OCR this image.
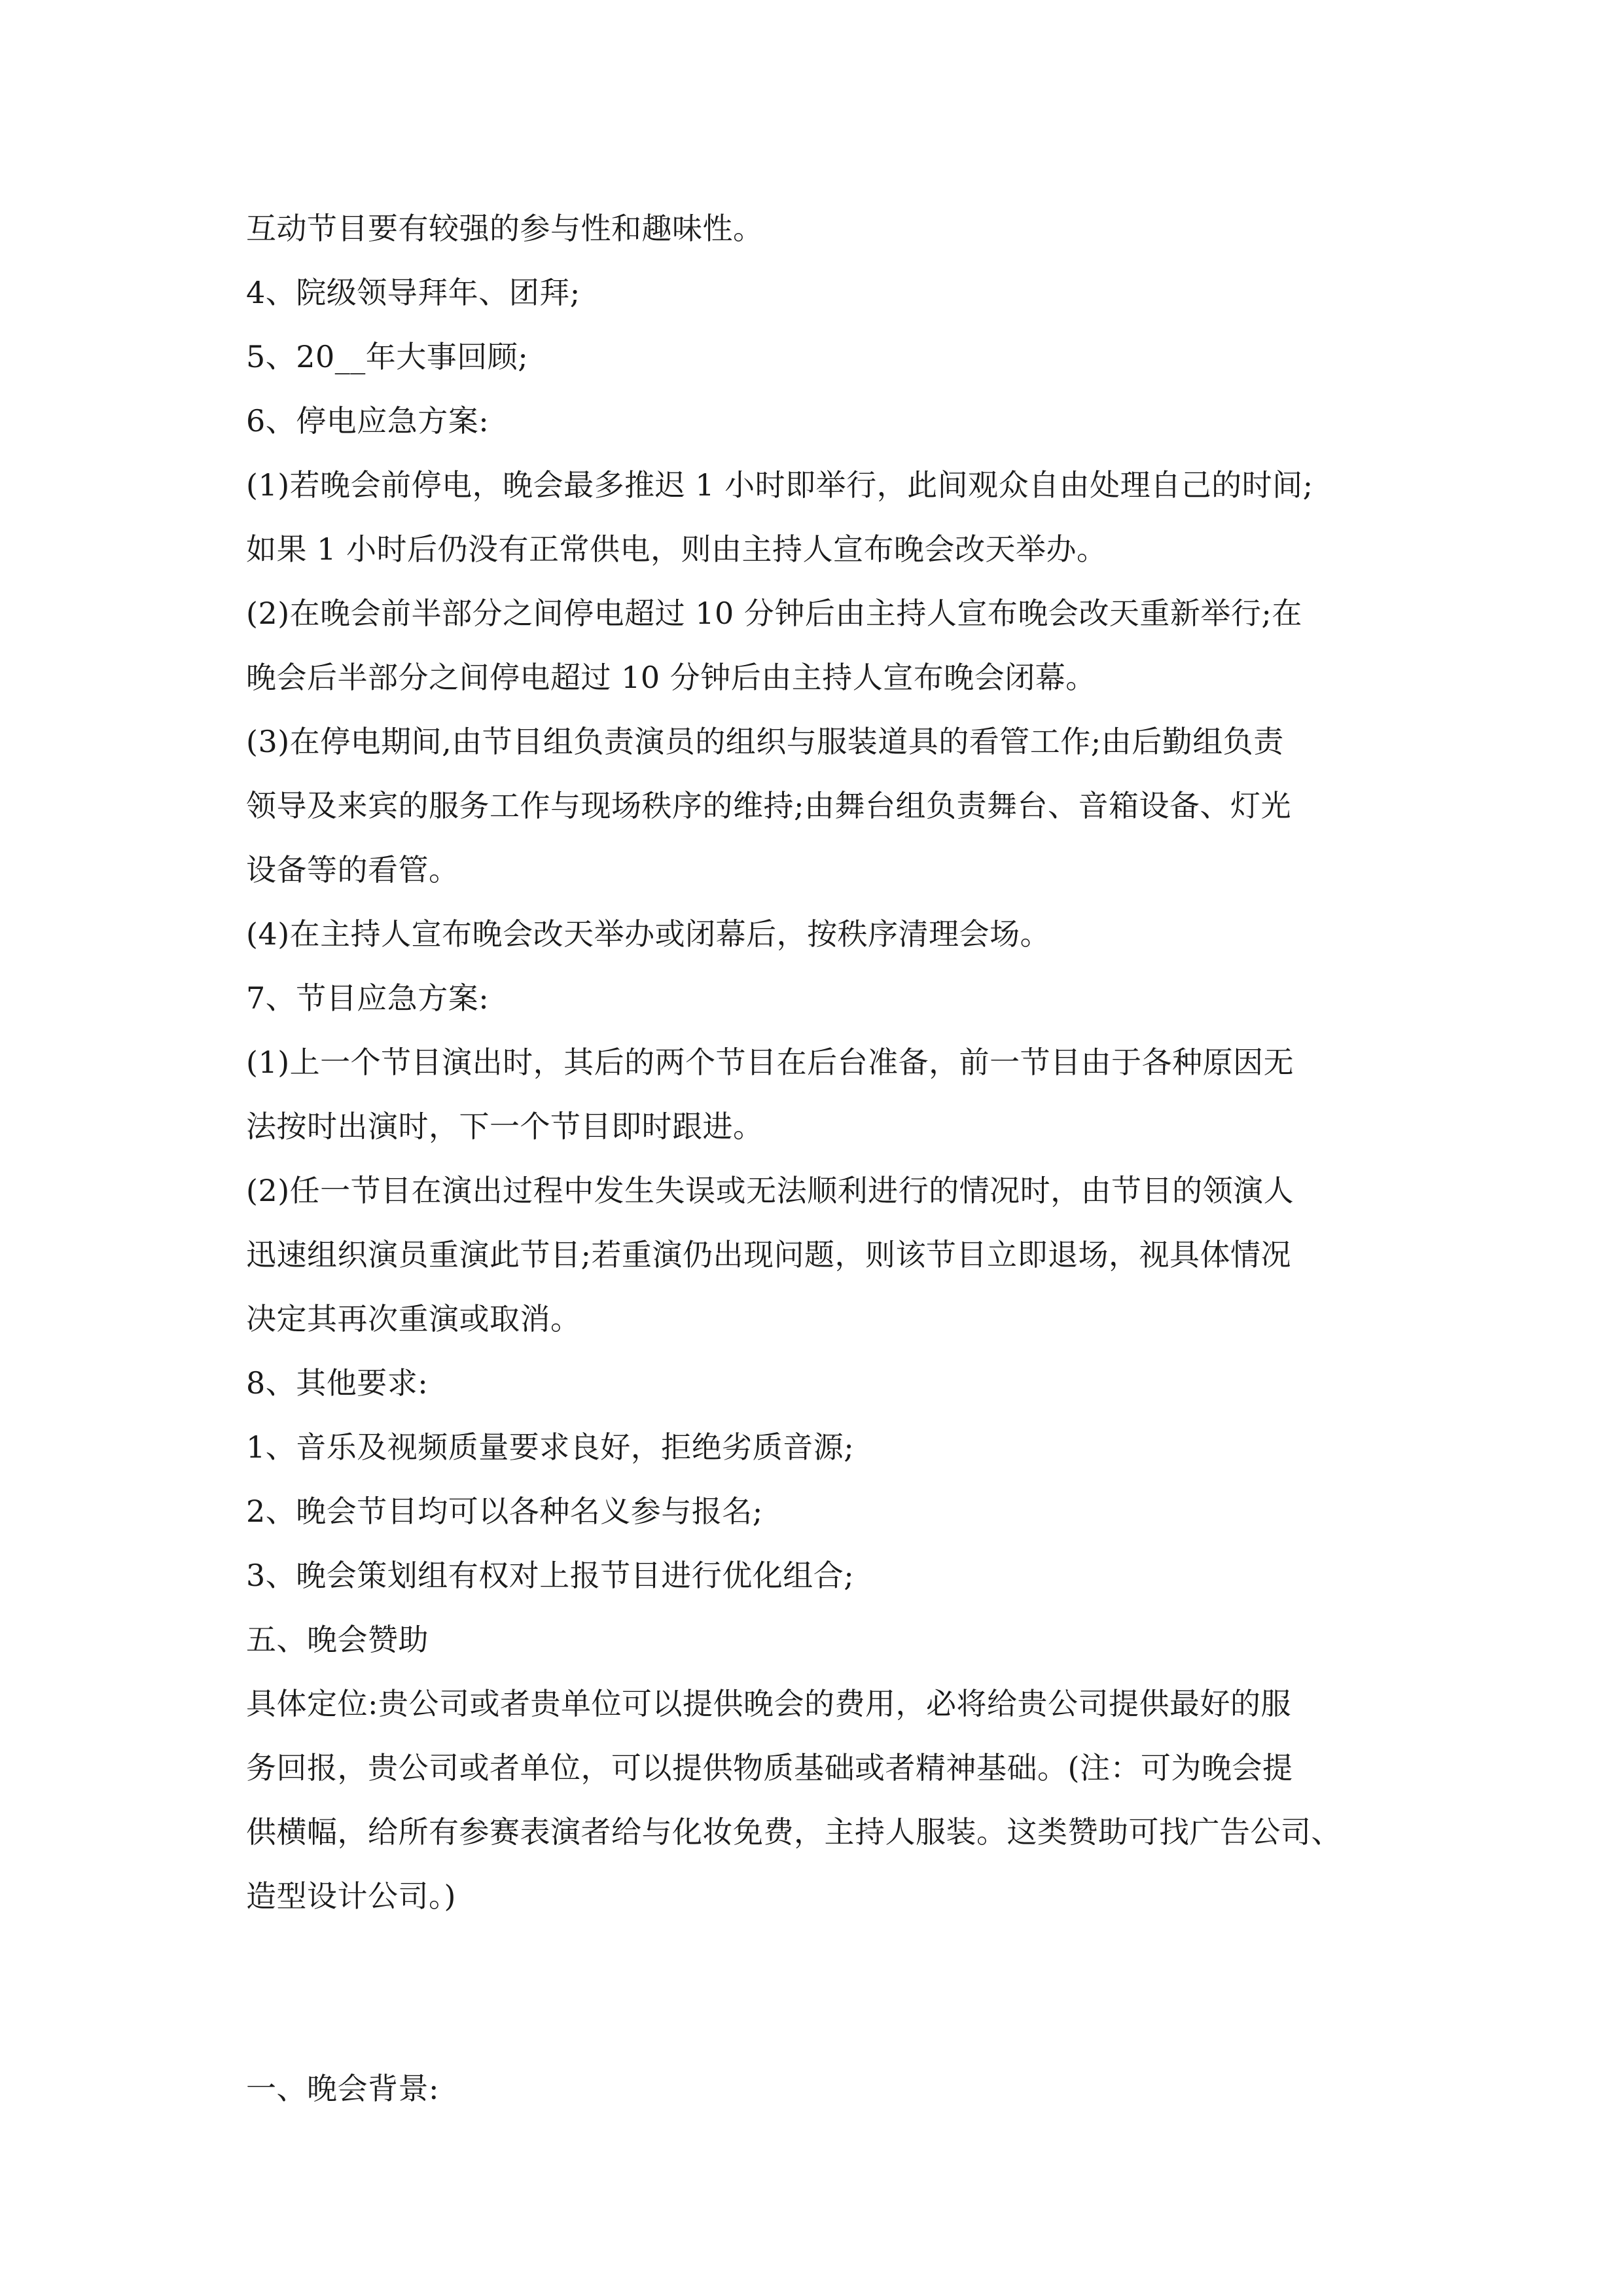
互动节目要有较强的参与性和趣味性。
4、院级领导拜年、团拜;
5、20__年大事回顾;
6、停电应急方案:
(1)若晚会前停电，晚会最多推迟 1 小时即举行，此间观众自由处理自己的时间;
如果 1 小时后仍没有正常供电，则由主持人宣布晚会改天举办。
(2)在晚会前半部分之间停电超过 10 分钟后由主持人宣布晚会改天重新举行;在
晚会后半部分之间停电超过 10 分钟后由主持人宣布晚会闭幕。
(3)在停电期间,由节目组负责演员的组织与服装道具的看管工作;由后勤组负责
领导及来宾的服务工作与现场秩序的维持;由舞台组负责舞台、音箱设备、灯光
设备等的看管。
(4)在主持人宣布晚会改天举办或闭幕后，按秩序清理会场。
7、节目应急方案:
(1)上一个节目演出时，其后的两个节目在后台准备，前一节目由于各种原因无
法按时出演时，下一个节目即时跟进。
(2)任一节目在演出过程中发生失误或无法顺利进行的情况时，由节目的领演人
迅速组织演员重演此节目;若重演仍出现问题，则该节目立即退场，视具体情况
决定其再次重演或取消。
8、其他要求:
1、音乐及视频质量要求良好，拒绝劣质音源;
2、晚会节目均可以各种名义参与报名;
3、晚会策划组有权对上报节目进行优化组合;
五、晚会赞助
具体定位:贵公司或者贵单位可以提供晚会的费用，必将给贵公司提供最好的服
务回报，贵公司或者单位，可以提供物质基础或者精神基础。(注：可为晚会提
供横幅，给所有参赛表演者给与化妆免费，主持人服装。这类赞助可找广告公司、
造型设计公司。)
一、晚会背景:
